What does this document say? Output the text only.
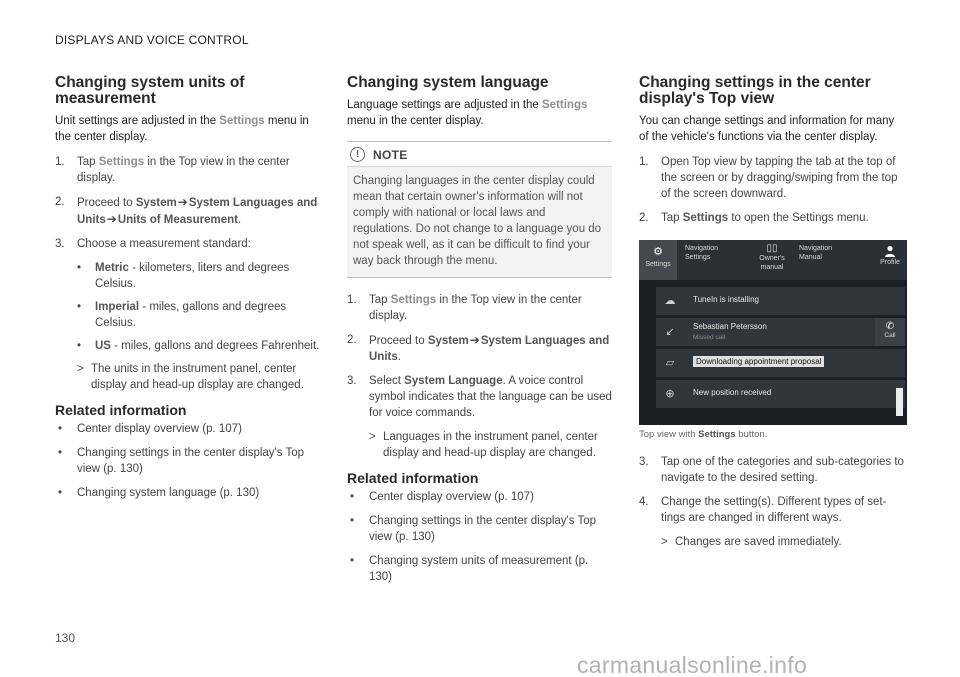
DISPLAYS AND VOICE CONTROL
Changing system units of measurement

Unit settings are adjusted in the Settings menu in the center display.

1. Tap Settings in the Top view in the center display.
2. Proceed to System➔System Languages and Units➔Units of Measurement.
3. Choose a measurement standard:
• Metric - kilometers, liters and degrees Celsius.
• Imperial - miles, gallons and degrees Celsius.
• US - miles, gallons and degrees Fahrenheit.
> The units in the instrument panel, center display and head-up display are changed.
Related information
• Center display overview (p. 107)
• Changing settings in the center display's Top view (p. 130)
• Changing system language (p. 130)
Changing system language

Language settings are adjusted in the Settings menu in the center display.

!	NOTE
Changing languages in the center display could mean that certain owner's information will not comply with national or local laws and regulations. Do not change to a language you do not speak well, as it can be difficult to find your way back through the menu.
1. Tap Settings in the Top view in the center display.
2. Proceed to System➔System Languages and Units.
3. Select System Language. A voice control symbol indicates that the language can be used for voice commands.
> Languages in the instrument panel, center display and head-up display are changed.
Related information
• Center display overview (p. 107)
• Changing settings in the center display's Top view (p. 130)
• Changing system units of measurement (p. 130)
Changing settings in the center display's Top view

You can change settings and information for many of the vehicle's functions via the center display.

1. Open Top view by tapping the tab at the top of the screen or by dragging/swiping from the top of the screen downward.
2. Tap Settings to open the Settings menu.
⚙
Settings
Navigation
Settings
▯▯
Owner's
manual
Navigation
Manual
Profile
☁ TuneIn is installing
↙ Sebastian Petersson
Missed call
✆
Call
▱	Downloading appointment proposal
⊕ New position received
Top view with Settings button.
3. Tap one of the categories and sub-categories to navigate to the desired setting.
4. Change the setting(s). Different types of settings are changed in different ways.
> Changes are saved immediately.
130
carmanualsonline.info
